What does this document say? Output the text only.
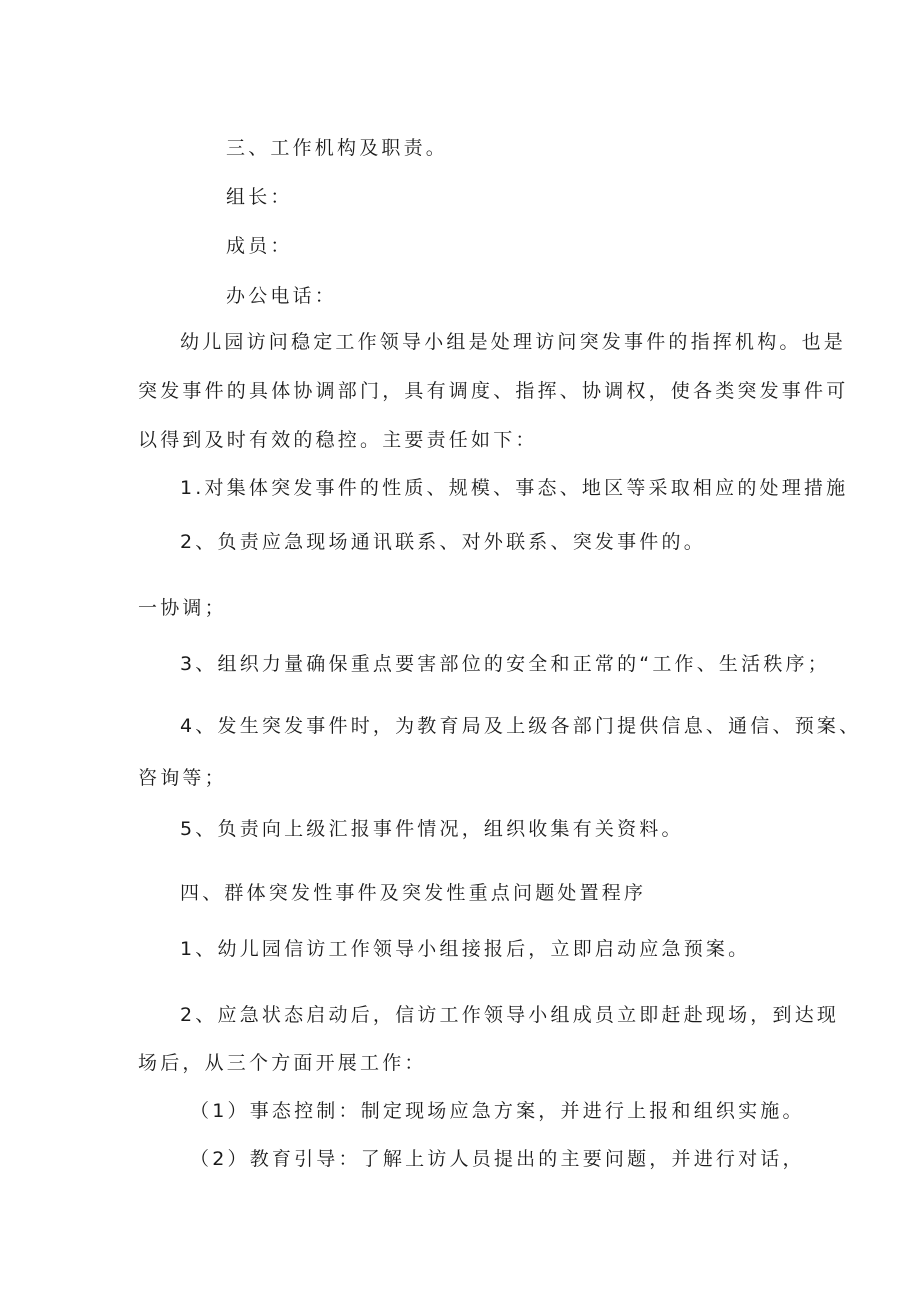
三、工作机构及职责。
组长：
成员：
办公电话：
幼儿园访问稳定工作领导小组是处理访问突发事件的指挥机构。也是
突发事件的具体协调部门，具有调度、指挥、协调权，使各类突发事件可
以得到及时有效的稳控。主要责任如下：
1.对集体突发事件的性质、规模、事态、地区等采取相应的处理措施
2、负责应急现场通讯联系、对外联系、突发事件的。
一协调；
3、组织力量确保重点要害部位的安全和正常的“工作、生活秩序；
4、发生突发事件时，为教育局及上级各部门提供信息、通信、预案、
咨询等；
5、负责向上级汇报事件情况，组织收集有关资料。
四、群体突发性事件及突发性重点问题处置程序
1、幼儿园信访工作领导小组接报后，立即启动应急预案。
2、应急状态启动后，信访工作领导小组成员立即赶赴现场，到达现
场后，从三个方面开展工作：
（1）事态控制：制定现场应急方案，并进行上报和组织实施。
（2）教育引导：了解上访人员提出的主要问题，并进行对话，
